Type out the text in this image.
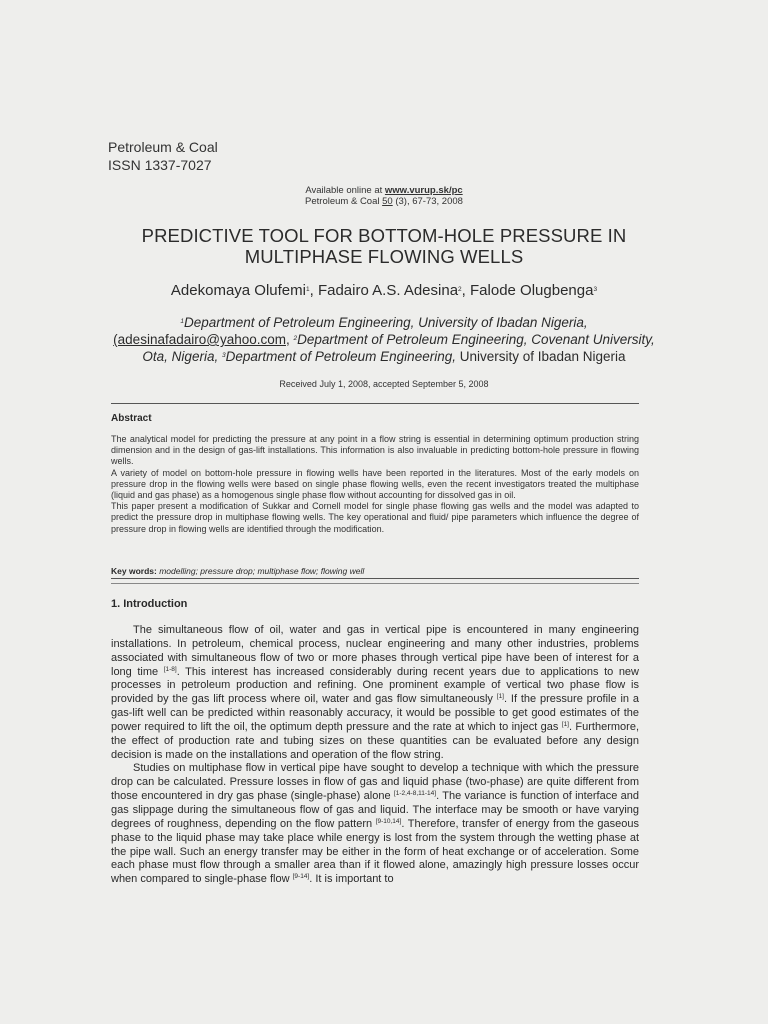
Petroleum & Coal
ISSN 1337-7027
Available online at www.vurup.sk/pc
Petroleum & Coal 50 (3), 67-73, 2008
PREDICTIVE TOOL FOR BOTTOM-HOLE PRESSURE IN
MULTIPHASE FLOWING WELLS
Adekomaya Olufemi$^1$, Fadairo A.S. Adesina$^2$, Falode Olugbenga$^3$
$^1$Department of Petroleum Engineering, University of Ibadan Nigeria,
(adesinafadairo@yahoo.com, $^2$Department of Petroleum Engineering, Covenant University,
Ota, Nigeria, $^3$Department of Petroleum Engineering, University of Ibadan Nigeria
Received July 1, 2008, accepted September 5, 2008
Abstract

The analytical model for predicting the pressure at any point in a flow string is essential in determining optimum production string dimension and in the design of gas-lift installations. This information is also invaluable in predicting bottom-hole pressure in flowing wells.

A variety of model on bottom-hole pressure in flowing wells have been reported in the literatures. Most of the early models on pressure drop in the flowing wells were based on single phase flowing wells, even the recent investigators treated the multiphase (liquid and gas phase) as a homogenous single phase flow without accounting for dissolved gas in oil.

This paper present a modification of Sukkar and Cornell model for single phase flowing gas wells and the model was adapted to predict the pressure drop in multiphase flowing wells. The key operational and fluid/ pipe parameters which influence the degree of pressure drop in flowing wells are identified through the modification.

Key words: modelling; pressure drop; multiphase flow; flowing well
1. Introduction

The simultaneous flow of oil, water and gas in vertical pipe is encountered in many engineering installations. In petroleum, chemical process, nuclear engineering and many other industries, problems associated with simultaneous flow of two or more phases through vertical pipe have been of interest for a long time [1-8]. This interest has increased considerably during recent years due to applications to new processes in petroleum production and refining. One prominent example of vertical two phase flow is provided by the gas lift process where oil, water and gas flow simultaneously [1]. If the pressure profile in a gas-lift well can be predicted within reasonably accuracy, it would be possible to get good estimates of the power required to lift the oil, the optimum depth pressure and the rate at which to inject gas [1]. Furthermore, the effect of production rate and tubing sizes on these quantities can be evaluated before any design decision is made on the installations and operation of the flow string.

Studies on multiphase flow in vertical pipe have sought to develop a technique with which the pressure drop can be calculated. Pressure losses in flow of gas and liquid phase (two-phase) are quite different from those encountered in dry gas phase (single-phase) alone [1-2,4-8,11-14]. The variance is function of interface and gas slippage during the simultaneous flow of gas and liquid. The interface may be smooth or have varying degrees of roughness, depending on the flow pattern [9-10,14]. Therefore, transfer of energy from the gaseous phase to the liquid phase may take place while energy is lost from the system through the wetting phase at the pipe wall. Such an energy transfer may be either in the form of heat exchange or of acceleration. Some each phase must flow through a smaller area than if it flowed alone, amazingly high pressure losses occur when compared to single-phase flow [9-14]. It is important to
